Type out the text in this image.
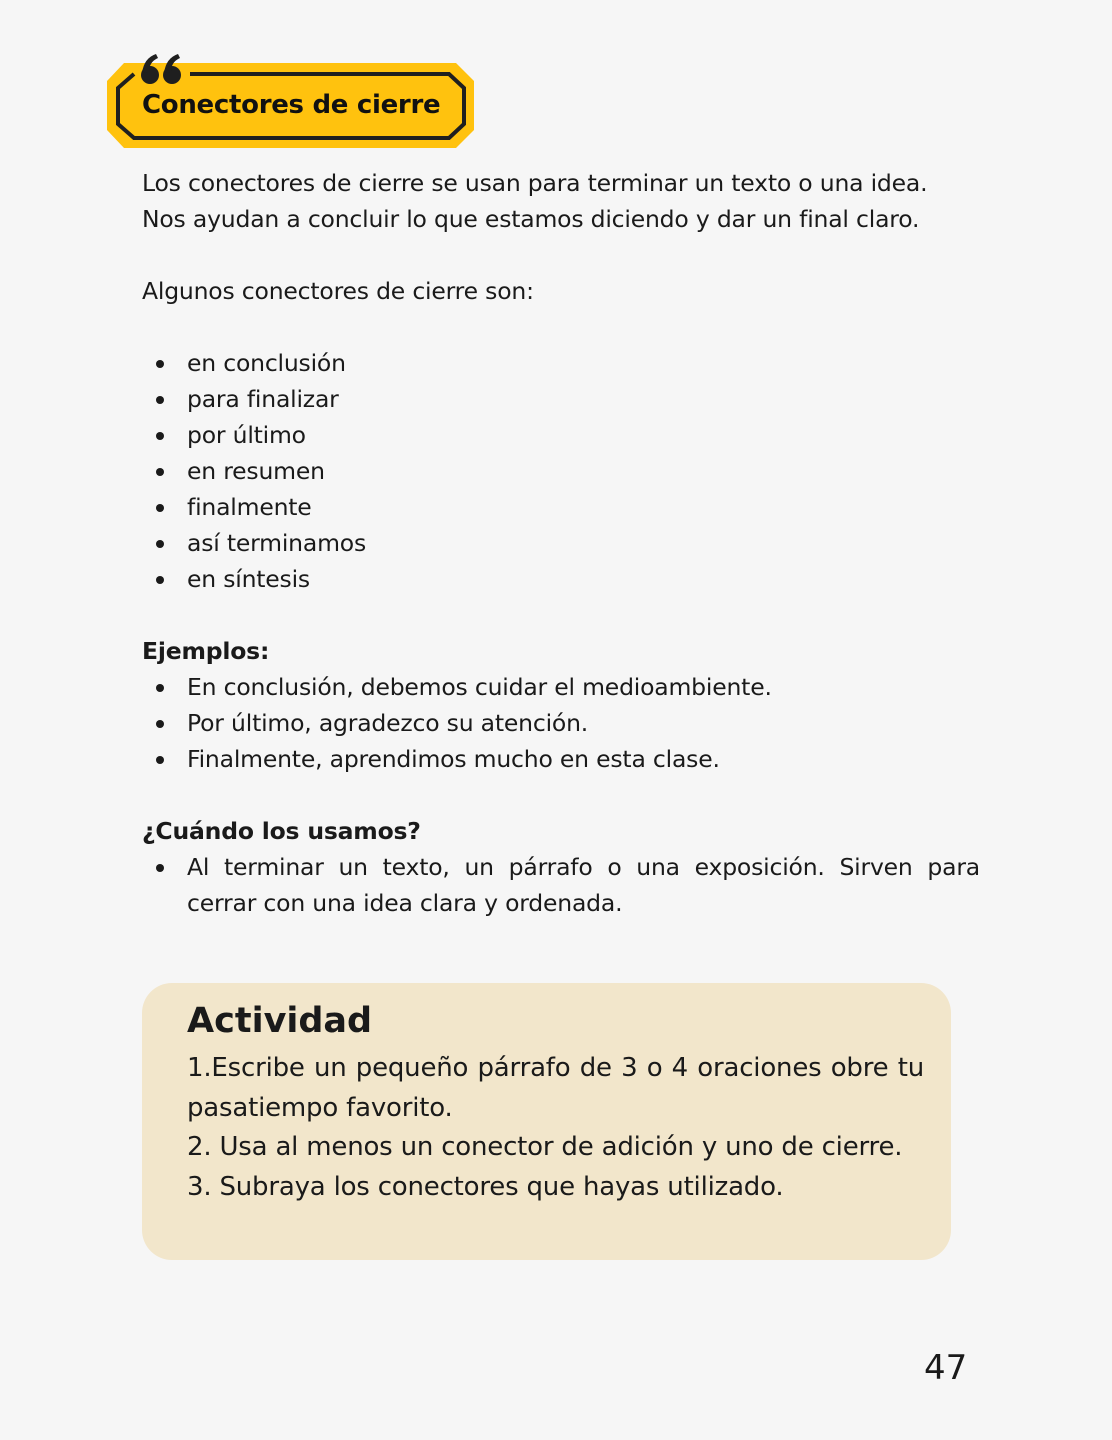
Conectores de cierre
Los conectores de cierre se usan para terminar un texto o una idea.
Nos ayudan a concluir lo que estamos diciendo y dar un final claro.
Algunos conectores de cierre son:
en conclusión
para finalizar
por último
en resumen
finalmente
así terminamos
en síntesis
Ejemplos:
En conclusión, debemos cuidar el medioambiente.
Por último, agradezco su atención.
Finalmente, aprendimos mucho en esta clase.
¿Cuándo los usamos?
Al terminar un texto, un párrafo o una exposición. Sirven para cerrar con una idea clara y ordenada.
Actividad
1.Escribe un pequeño párrafo de 3 o 4 oraciones obre tu pasatiempo favorito.
2. Usa al menos un conector de adición y uno de cierre.
3. Subraya los conectores que hayas utilizado.
47
